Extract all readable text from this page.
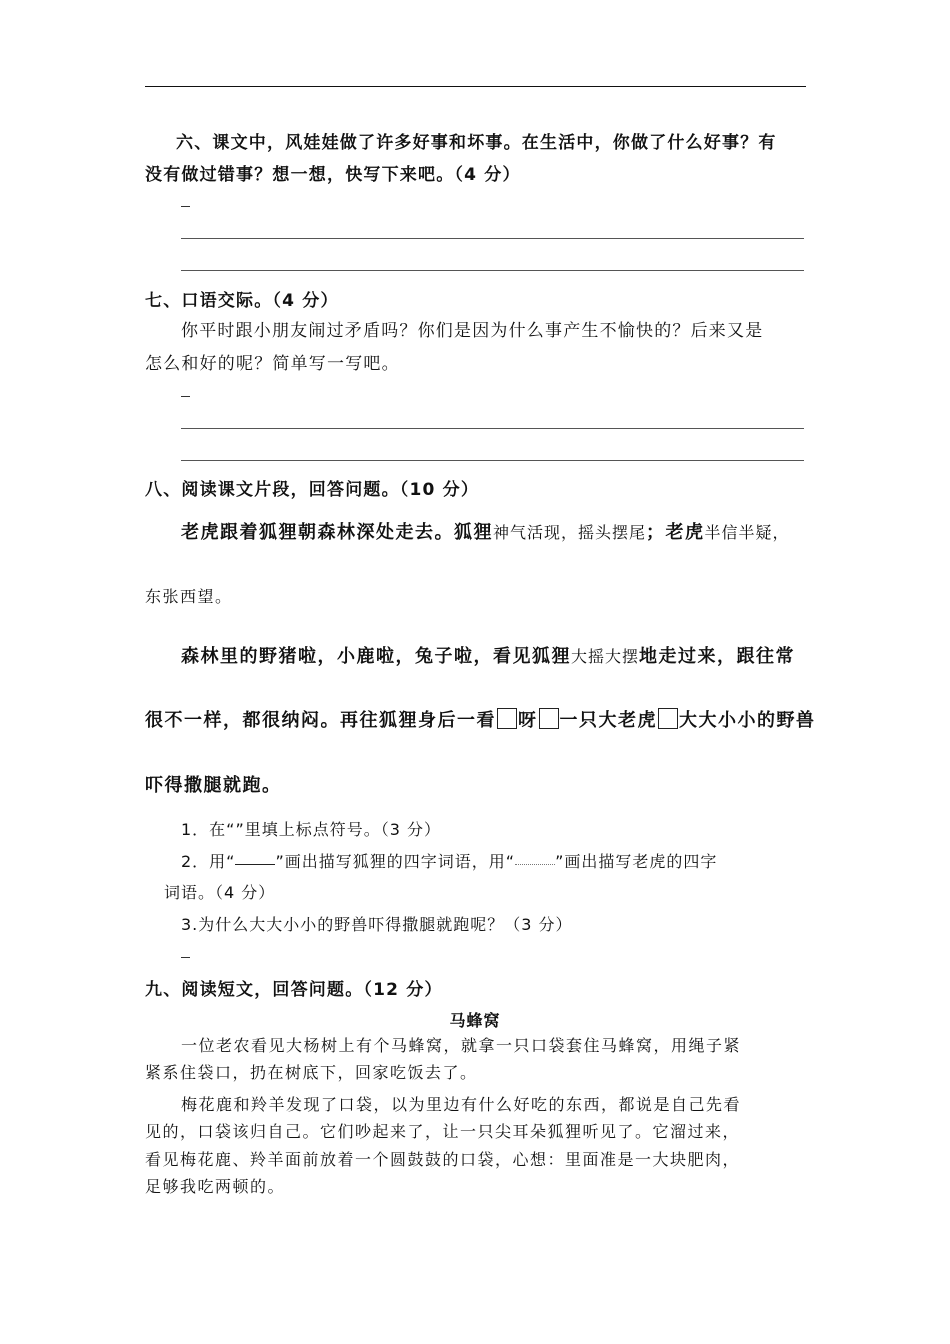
六、课文中，风娃娃做了许多好事和坏事。在生活中，你做了什么好事？有
没有做过错事？想一想，快写下来吧。（4 分）
七、口语交际。（4 分）
你平时跟小朋友闹过矛盾吗？你们是因为什么事产生不愉快的？后来又是
怎么和好的呢？简单写一写吧。
八、阅读课文片段，回答问题。（10 分）
老虎跟着狐狸朝森林深处走去。狐狸神气活现，摇头摆尾；老虎半信半疑，
东张西望。
森林里的野猪啦，小鹿啦，兔子啦，看见狐狸大摇大摆地走过来，跟往常
很不一样，都很纳闷。再往狐狸身后一看 呀 一只大老虎 大大小小的野兽
吓得撒腿就跑。
1．在“”里填上标点符号。（3 分）
2．用“	”画出描写狐狸的四字词语，用“	”画出描写老虎的四字
词语。（4 分）
3.为什么大大小小的野兽吓得撒腿就跑呢？（3 分）
九、阅读短文，回答问题。（12 分）
马蜂窝
一位老农看见大杨树上有个马蜂窝，就拿一只口袋套住马蜂窝，用绳子紧
紧系住袋口，扔在树底下，回家吃饭去了。
梅花鹿和羚羊发现了口袋，以为里边有什么好吃的东西，都说是自己先看
见的，口袋该归自己。它们吵起来了，让一只尖耳朵狐狸听见了。它溜过来，
看见梅花鹿、羚羊面前放着一个圆鼓鼓的口袋，心想：里面准是一大块肥肉，
足够我吃两顿的。
